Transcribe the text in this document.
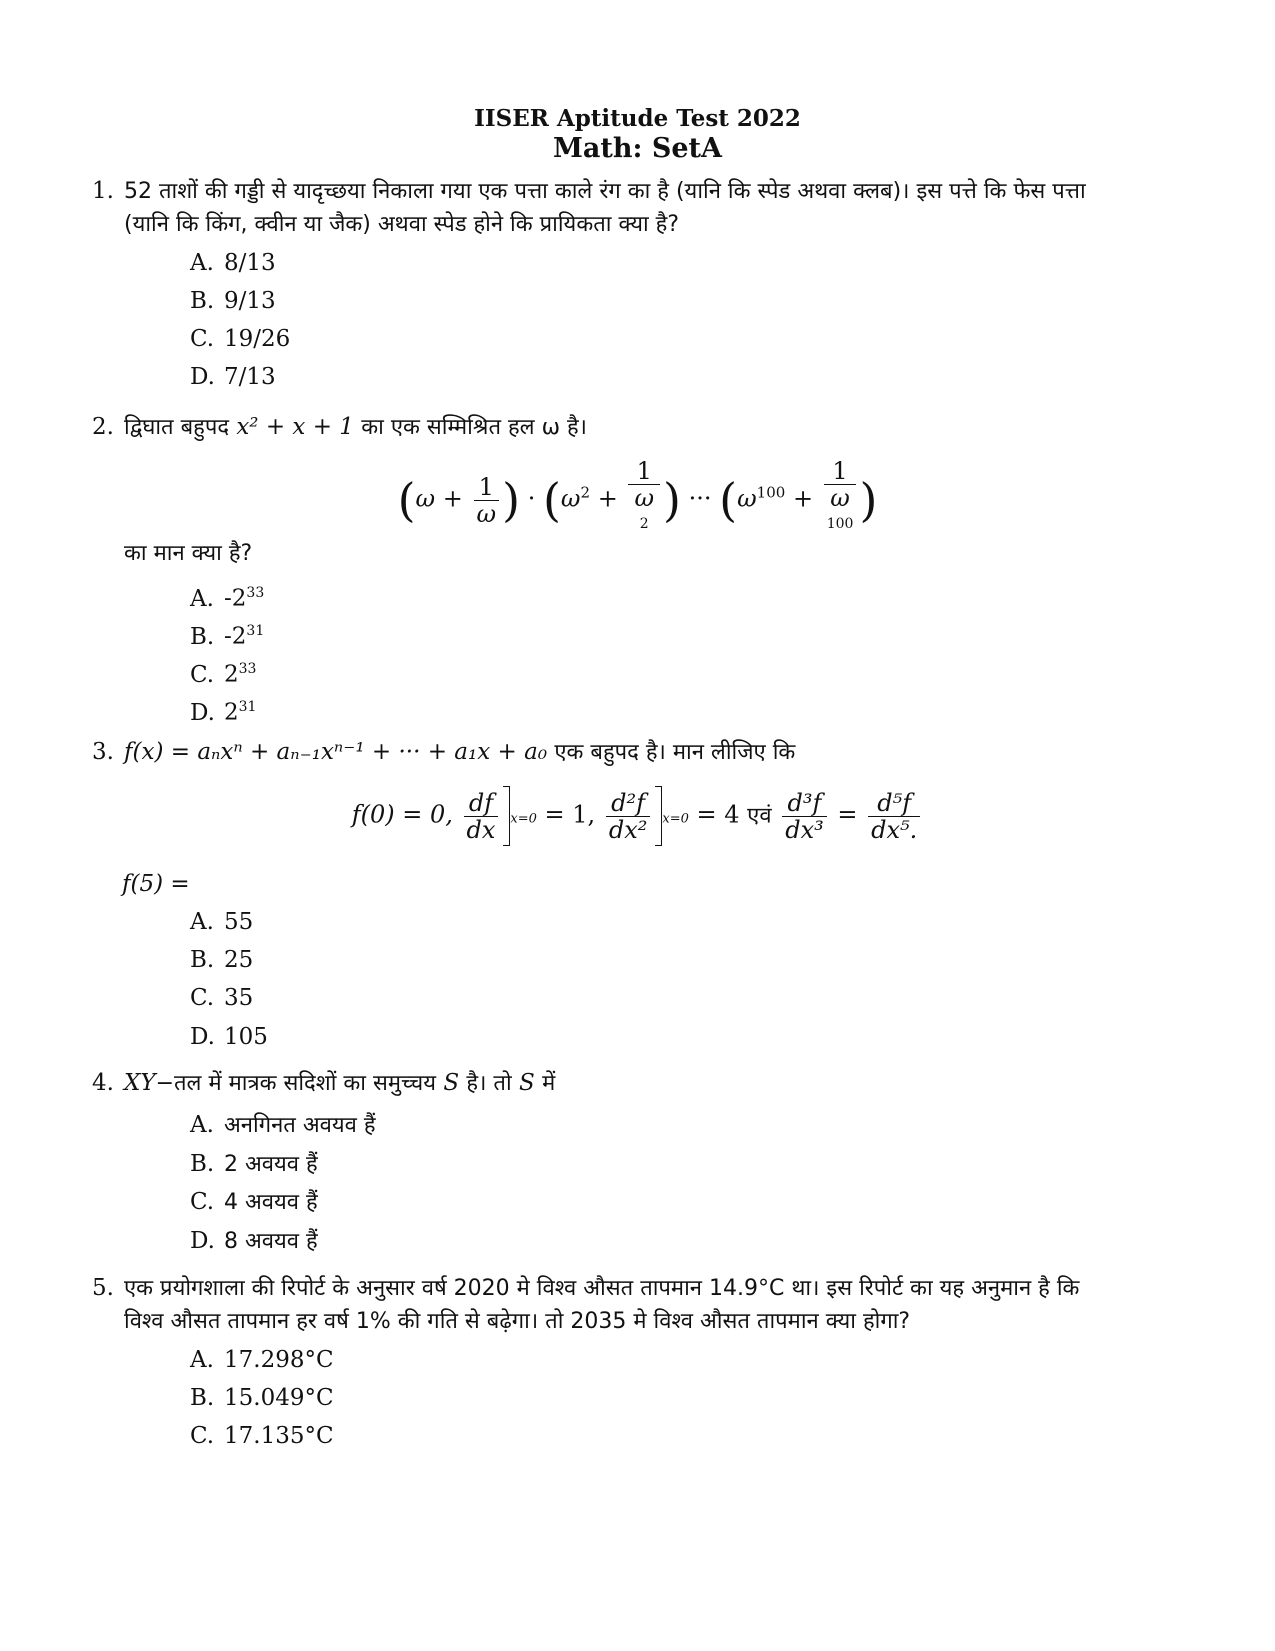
IISER Aptitude Test 2022
Math: SetA
1. 52 ताशों की गड्डी से यादृच्छया निकाला गया एक पत्ता काले रंग का है (यानि कि स्पेड अथवा क्लब)। इस पत्ते कि फेस पत्ता
(यानि कि किंग, क्वीन या जैक) अथवा स्पेड होने कि प्रायिकता क्या है?
A. 8/13
B. 9/13
C. 19/26
D. 7/13
2. द्विघात बहुपद x² + x + 1 का एक सम्मिश्रित हल ω है।
($\omega + \frac{1}{\omega}$ ) · ($\omega^2 + 1$
ω
$^2$ ) ··· ($\omega^{100} + 1$
ω
$^{100}$ )
का मान क्या है?
A. $-2^{33}$
B. $-2^{31}$
C. $2^{33}$
D. $2^{31}$
3. f(x) = aₙxⁿ + aₙ₋₁xⁿ⁻¹ + ··· + a₁x + a₀ एक बहुपद है। मान लीजिए कि
f(0) = 0, $\frac{df}{dx} x=0 = 1$, $\frac{\text{d²f}}{\text{dx²}} x=0 = 4$ एवं $\frac{\text{d³f}}{\text{dx³}} = \frac{\text{d⁵f}}{\text{dx⁵.}}$
f(5) =
A. 55
B. 25
C. 35
D. 105
4. XY−तल में मात्रक सदिशों का समुच्चय S है। तो S में
A. अनगिनत अवयव हैं
B. 2 अवयव हैं
C. 4 अवयव हैं
D. 8 अवयव हैं
5. एक प्रयोगशाला की रिपोर्ट के अनुसार वर्ष 2020 मे विश्व औसत तापमान 14.9°C था। इस रिपोर्ट का यह अनुमान है कि
विश्व औसत तापमान हर वर्ष 1% की गति से बढ़ेगा। तो 2035 मे विश्व औसत तापमान क्या होगा?
A. 17.298°C
B. 15.049°C
C. 17.135°C
